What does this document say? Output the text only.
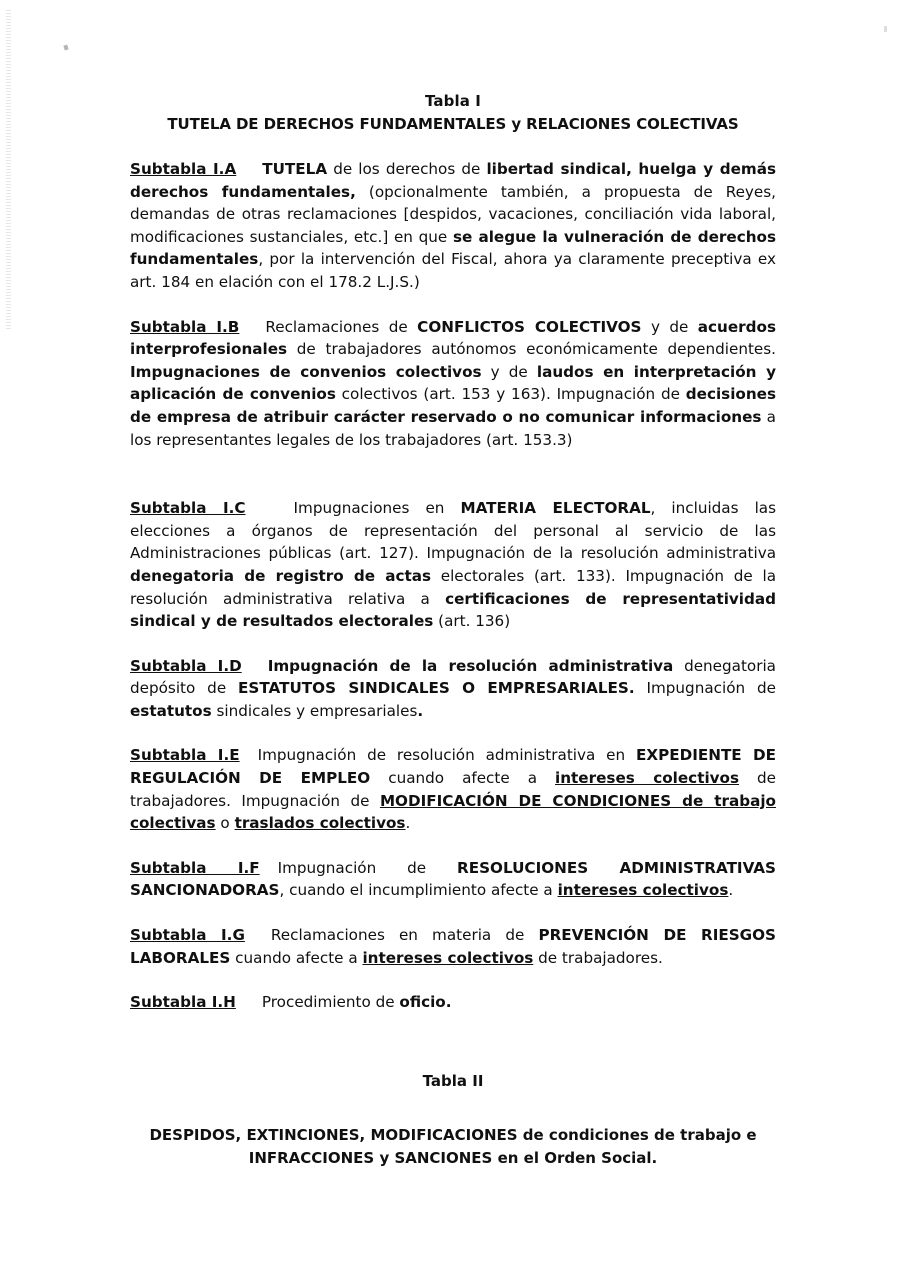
Tabla I
TUTELA DE DERECHOS FUNDAMENTALES y RELACIONES COLECTIVAS

Subtabla I.A TUTELA de los derechos de libertad sindical, huelga y demás derechos fundamentales, (opcionalmente también, a propuesta de Reyes, demandas de otras reclamaciones [despidos, vacaciones, conciliación vida laboral, modificaciones sustanciales, etc.] en que se alegue la vulneración de derechos fundamentales, por la intervención del Fiscal, ahora ya claramente preceptiva ex art. 184 en elación con el 178.2 L.J.S.)

Subtabla I.B Reclamaciones de CONFLICTOS COLECTIVOS y de acuerdos interprofesionales de trabajadores autónomos económicamente dependientes. Impugnaciones de convenios colectivos y de laudos en interpretación y aplicación de convenios colectivos (art. 153 y 163). Impugnación de decisiones de empresa de atribuir carácter reservado o no comunicar informaciones a los representantes legales de los trabajadores (art. 153.3)

Subtabla I.C	Impugnaciones en MATERIA ELECTORAL, incluidas las elecciones a órganos de representación del personal al servicio de las Administraciones públicas (art. 127). Impugnación de la resolución administrativa denegatoria de registro de actas electorales (art. 133). Impugnación de la resolución administrativa relativa a certificaciones de representatividad sindical y de resultados electorales (art. 136)

Subtabla I.D Impugnación de la resolución administrativa denegatoria depósito de ESTATUTOS SINDICALES O EMPRESARIALES. Impugnación de estatutos sindicales y empresariales.

Subtabla I.E Impugnación de resolución administrativa en EXPEDIENTE DE REGULACIÓN DE EMPLEO cuando afecte a intereses colectivos de trabajadores. Impugnación de MODIFICACIÓN DE CONDICIONES de trabajo colectivas o traslados colectivos.

Subtabla I.F Impugnación de RESOLUCIONES ADMINISTRATIVAS SANCIONADORAS, cuando el incumplimiento afecte a intereses colectivos.

Subtabla I.G Reclamaciones en materia de PREVENCIÓN DE RIESGOS LABORALES cuando afecte a intereses colectivos de trabajadores.

Subtabla I.H Procedimiento de oficio.

Tabla II
DESPIDOS, EXTINCIONES, MODIFICACIONES de condiciones de trabajo e INFRACCIONES y SANCIONES en el Orden Social.
